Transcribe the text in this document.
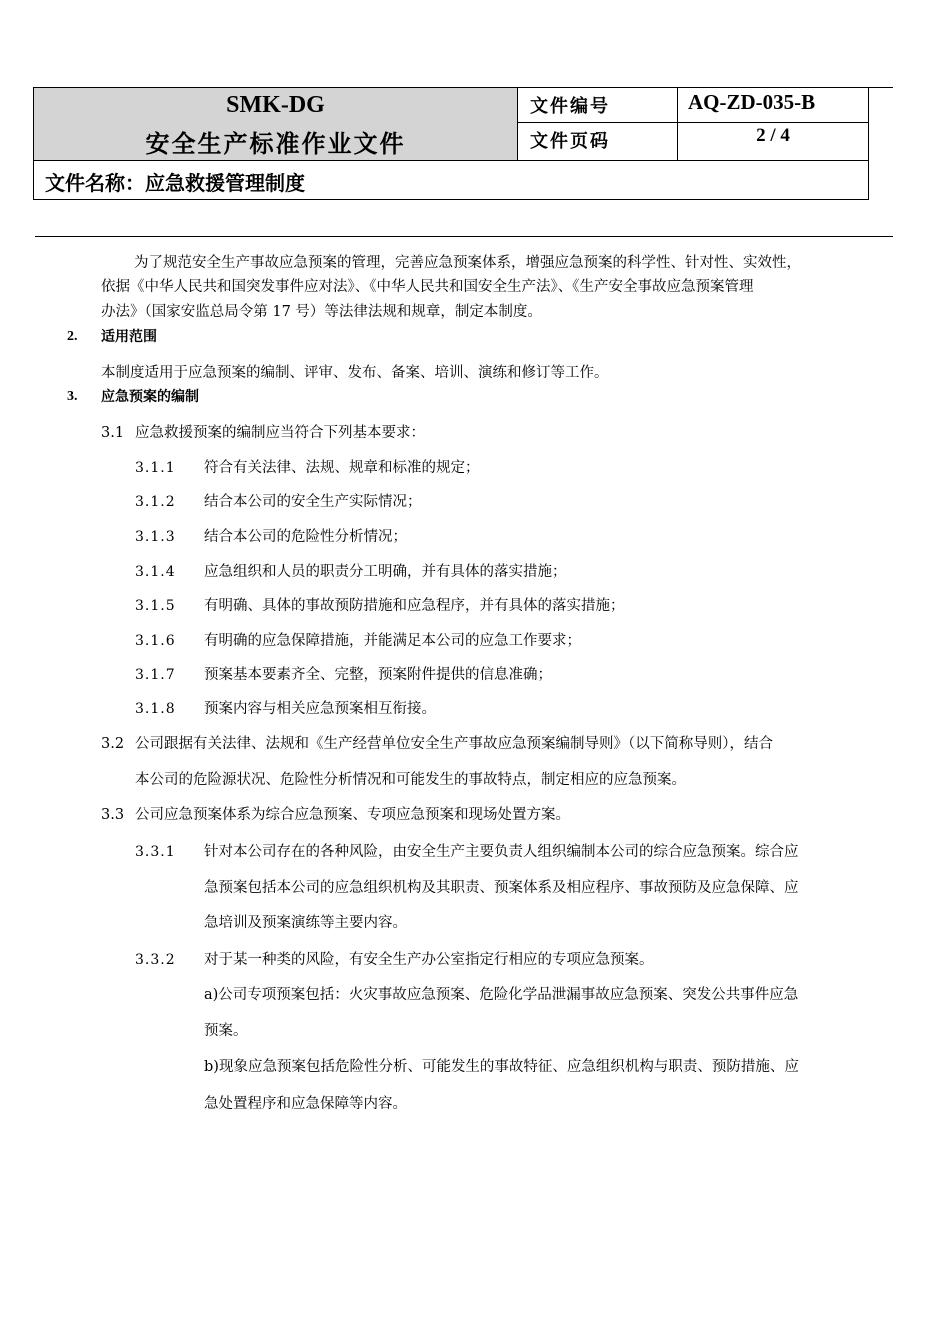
SMK-DG
安全生产标准作业文件
文件编号	AQ-ZD-035-B
文件页码	2 / 4
文件名称：应急救援管理制度
为了规范安全生产事故应急预案的管理，完善应急预案体系，增强应急预案的科学性、针对性、实效性，
依据《中华人民共和国突发事件应对法》、《中华人民共和国安全生产法》、《生产安全事故应急预案管理
办法》（国家安监总局令第 17 号）等法律法规和规章，制定本制度。
2. 适用范围
本制度适用于应急预案的编制、评审、发布、备案、培训、演练和修订等工作。
3. 应急预案的编制
3.1 应急救援预案的编制应当符合下列基本要求：
3.1.1 符合有关法律、法规、规章和标准的规定；
3.1.2 结合本公司的安全生产实际情况；
3.1.3 结合本公司的危险性分析情况；
3.1.4 应急组织和人员的职责分工明确，并有具体的落实措施；
3.1.5 有明确、具体的事故预防措施和应急程序，并有具体的落实措施；
3.1.6 有明确的应急保障措施，并能满足本公司的应急工作要求；
3.1.7 预案基本要素齐全、完整，预案附件提供的信息准确；
3.1.8 预案内容与相关应急预案相互衔接。
3.2 公司跟据有关法律、法规和《生产经营单位安全生产事故应急预案编制导则》（以下简称导则），结合
本公司的危险源状况、危险性分析情况和可能发生的事故特点，制定相应的应急预案。
3.3 公司应急预案体系为综合应急预案、专项应急预案和现场处置方案。
3.3.1 针对本公司存在的各种风险，由安全生产主要负责人组织编制本公司的综合应急预案。综合应
急预案包括本公司的应急组织机构及其职责、预案体系及相应程序、事故预防及应急保障、应
急培训及预案演练等主要内容。
3.3.2 对于某一种类的风险，有安全生产办公室指定行相应的专项应急预案。
a)公司专项预案包括：火灾事故应急预案、危险化学品泄漏事故应急预案、突发公共事件应急
预案。
b)现象应急预案包括危险性分析、可能发生的事故特征、应急组织机构与职责、预防措施、应
急处置程序和应急保障等内容。
